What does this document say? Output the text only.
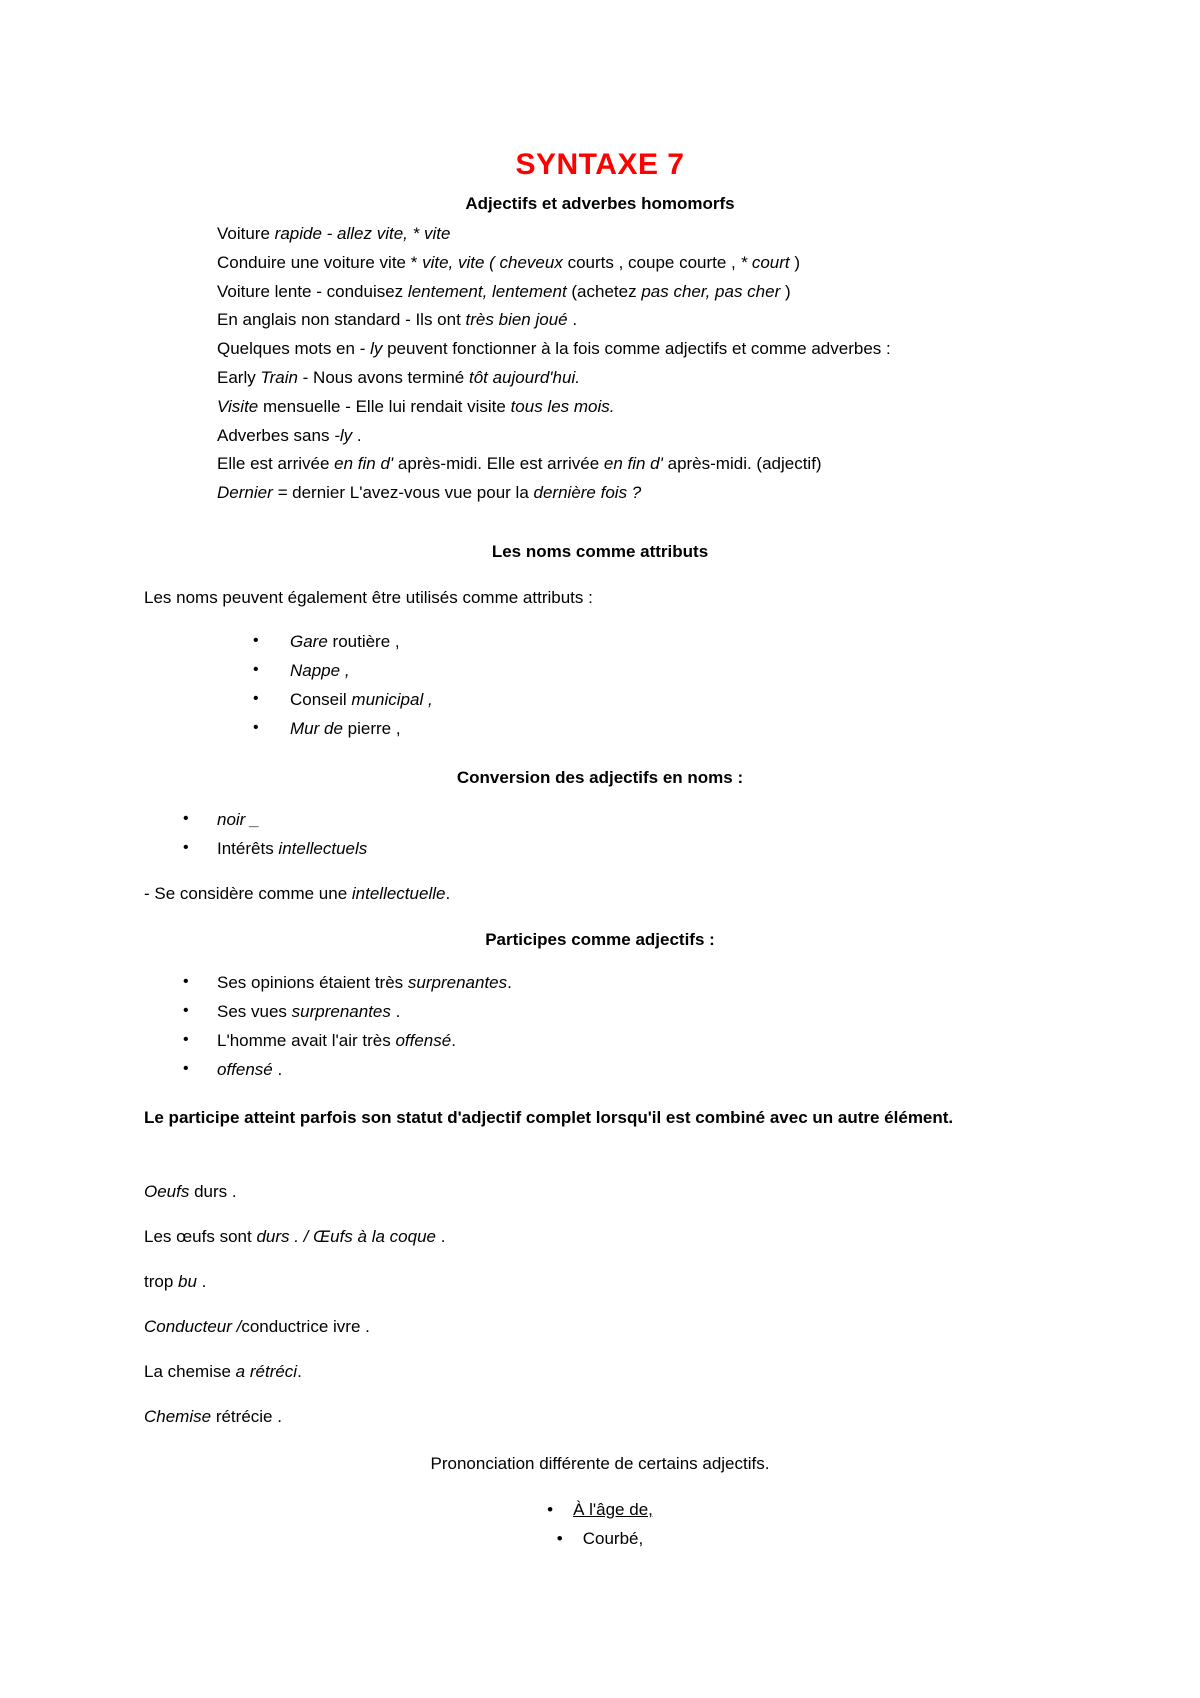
SYNTAXE 7
Adjectifs et adverbes homomorfs
Voiture rapide - allez vite, * vite
Conduire une voiture vite * vite, vite ( cheveux courts , coupe courte , * court )
Voiture lente - conduisez lentement, lentement (achetez pas cher, pas cher )
En anglais non standard - Ils ont très bien joué .
Quelques mots en - ly peuvent fonctionner à la fois comme adjectifs et comme adverbes :
Early Train - Nous avons terminé tôt aujourd'hui.
Visite mensuelle - Elle lui rendait visite tous les mois.
Adverbes sans -ly .
Elle est arrivée en fin d' après-midi. Elle est arrivée en fin d' après-midi. (adjectif)
Dernier = dernier L'avez-vous vue pour la dernière fois ?
Les noms comme attributs
Les noms peuvent également être utilisés comme attributs :
• Gare routière ,
• Nappe ,
• Conseil municipal ,
• Mur de pierre ,
Conversion des adjectifs en noms :
• noir _
• Intérêts intellectuels
- Se considère comme une intellectuelle.
Participes comme adjectifs :
• Ses opinions étaient très surprenantes.
• Ses vues surprenantes .
• L'homme avait l'air très offensé.
• offensé .
Le participe atteint parfois son statut d'adjectif complet lorsqu'il est combiné avec un autre élément.
Oeufs durs .
Les œufs sont durs . / Œufs à la coque .
trop bu .
Conducteur /conductrice ivre .
La chemise a rétréci.
Chemise rétrécie .
Prononciation différente de certains adjectifs.
• À l'âge de,
• Courbé,
